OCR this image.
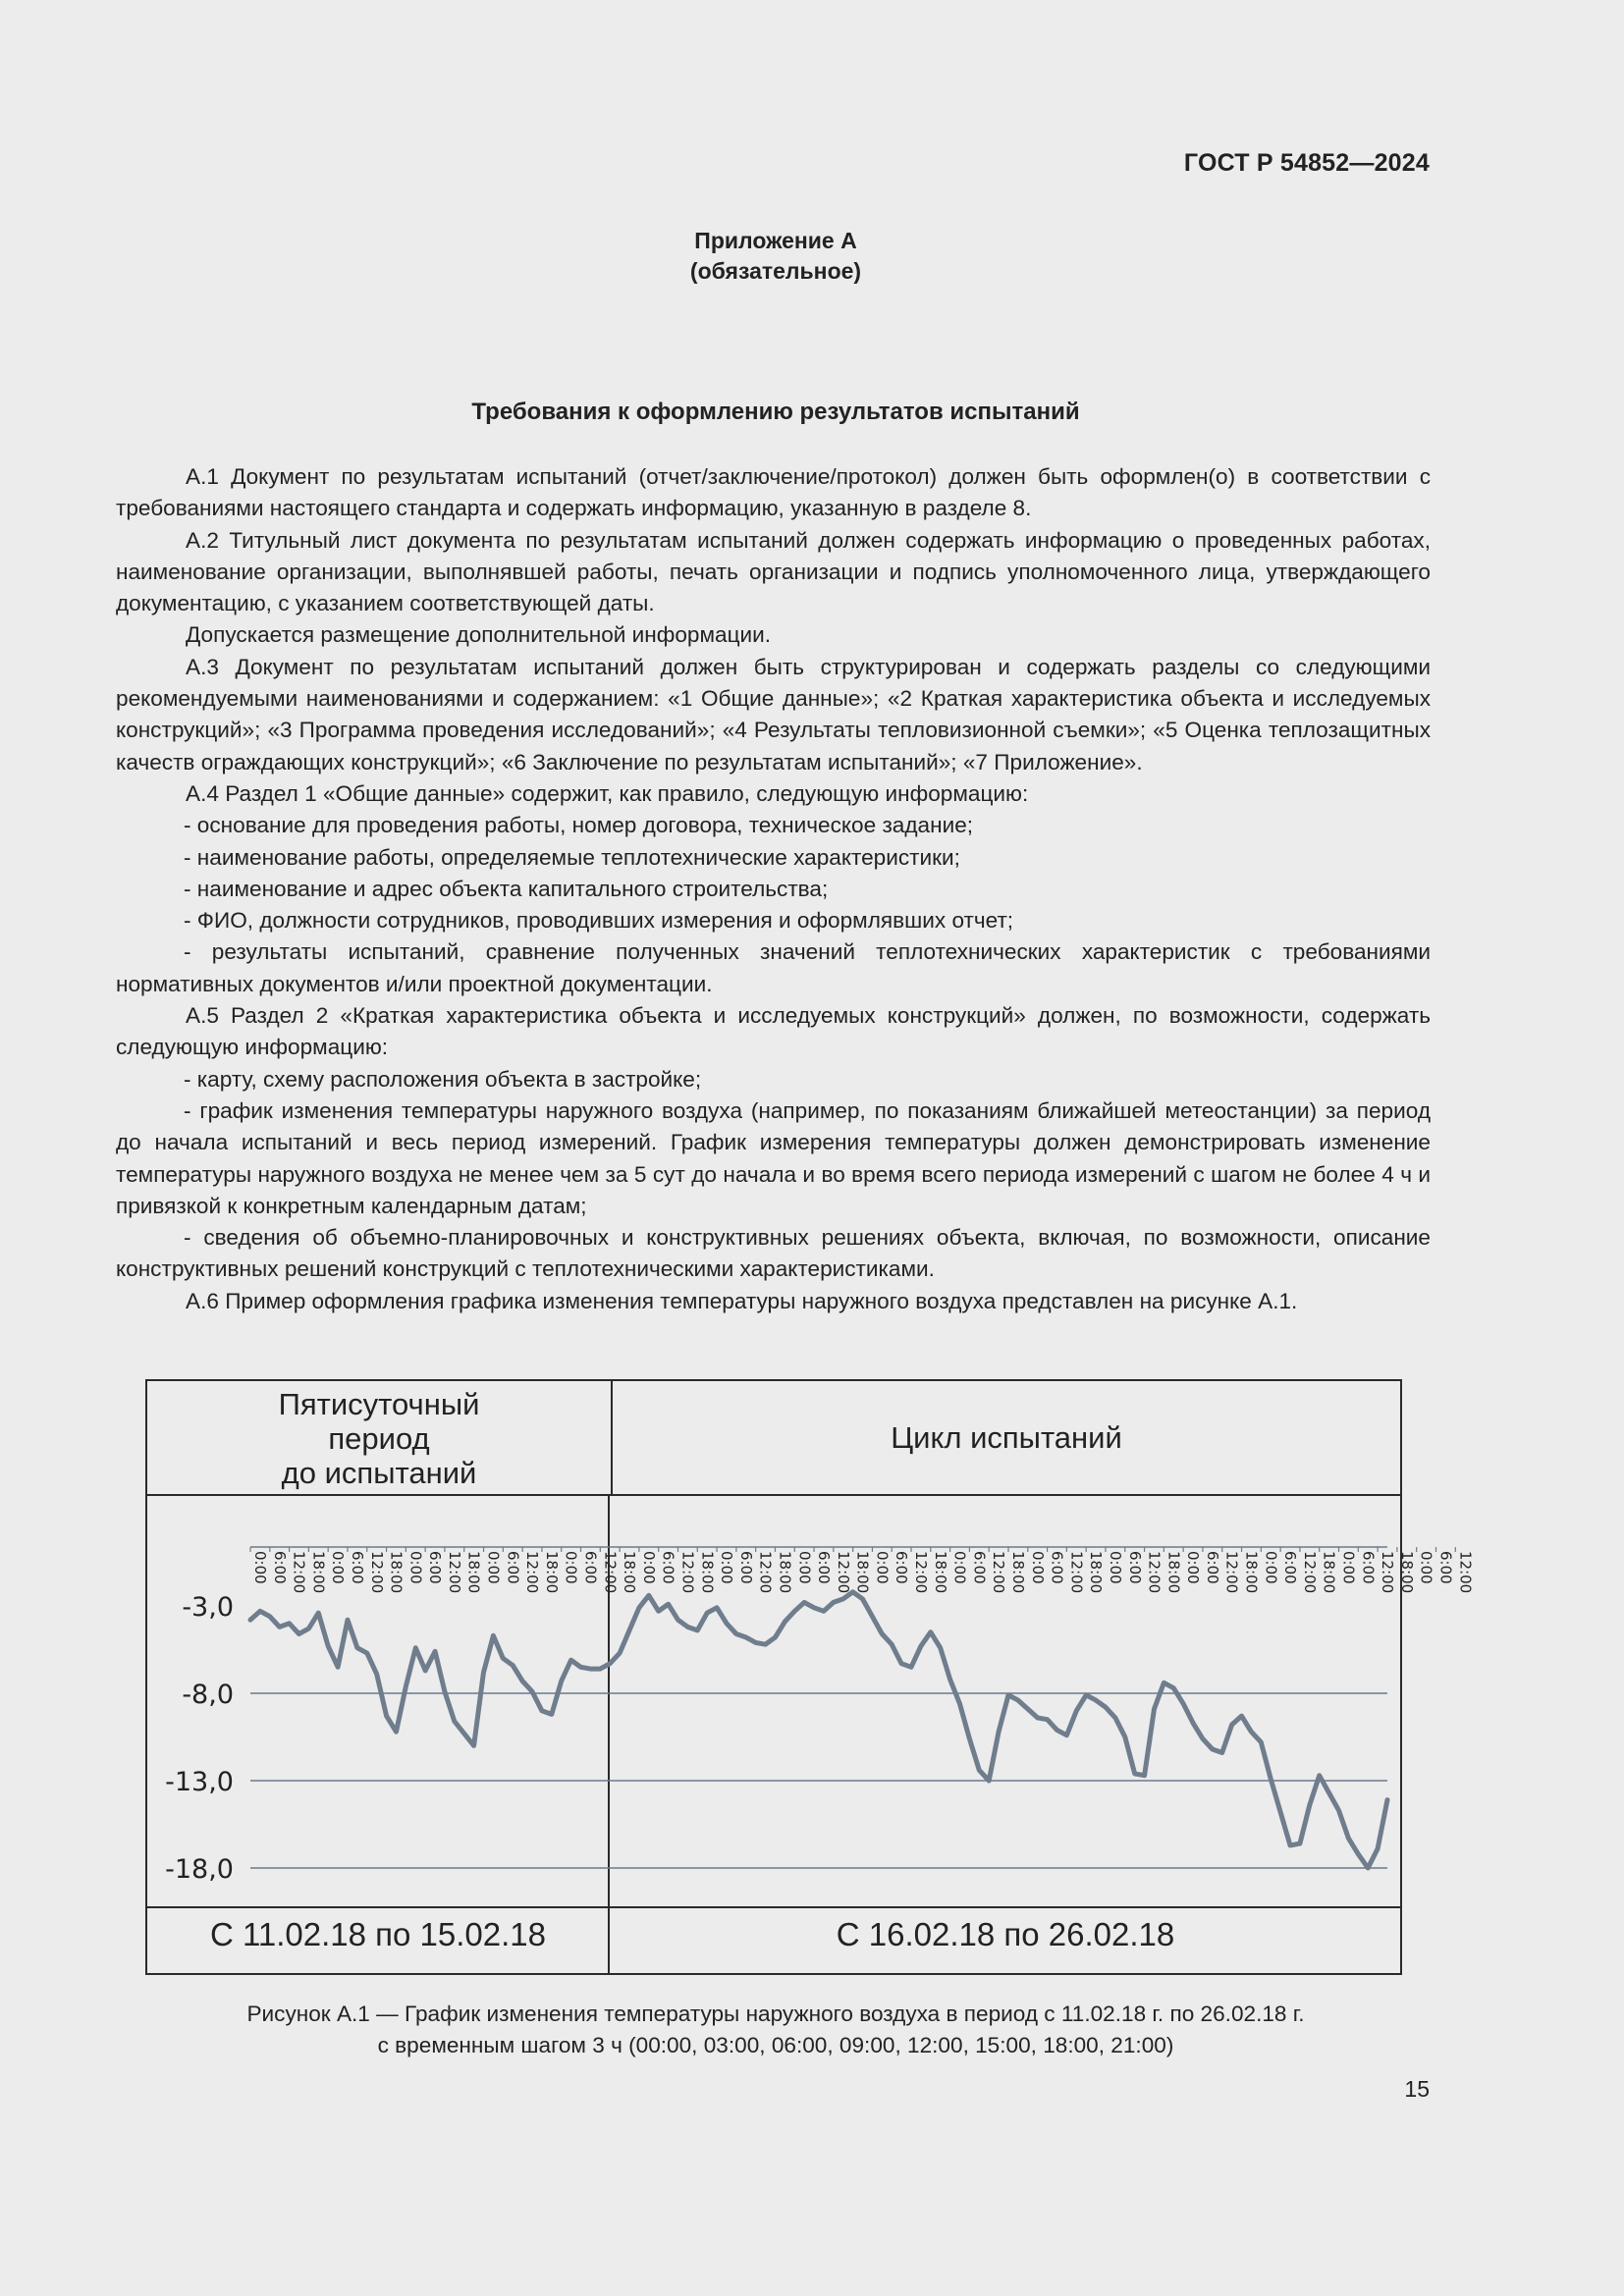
ГОСТ Р 54852—2024
Приложение А
(обязательное)
Требования к оформлению результатов испытаний

А.1 Документ по результатам испытаний (отчет/заключение/протокол) должен быть оформлен(о) в соответствии с требованиями настоящего стандарта и содержать информацию, указанную в разделе 8.

А.2 Титульный лист документа по результатам испытаний должен содержать информацию о проведенных работах, наименование организации, выполнявшей работы, печать организации и подпись уполномоченного лица, утверждающего документацию, с указанием соответствующей даты.

Допускается размещение дополнительной информации.

А.3 Документ по результатам испытаний должен быть структурирован и содержать разделы со следующими рекомендуемыми наименованиями и содержанием: «1 Общие данные»; «2 Краткая характеристика объекта и исследуемых конструкций»; «3 Программа проведения исследований»; «4 Результаты тепловизионной съемки»; «5 Оценка теплозащитных качеств ограждающих конструкций»; «6 Заключение по результатам испытаний»; «7 Приложение».

А.4 Раздел 1 «Общие данные» содержит, как правило, следующую информацию:

- основание для проведения работы, номер договора, техническое задание;

- наименование работы, определяемые теплотехнические характеристики;

- наименование и адрес объекта капитального строительства;

- ФИО, должности сотрудников, проводивших измерения и оформлявших отчет;

- результаты испытаний, сравнение полученных значений теплотехнических характеристик с требованиями нормативных документов и/или проектной документации.

А.5 Раздел 2 «Краткая характеристика объекта и исследуемых конструкций» должен, по возможности, содержать следующую информацию:

- карту, схему расположения объекта в застройке;

- график изменения температуры наружного воздуха (например, по показаниям ближайшей метеостанции) за период до начала испытаний и весь период измерений. График измерения температуры должен демонстрировать изменение температуры наружного воздуха не менее чем за 5 сут до начала и во время всего периода измерений с шагом не более 4 ч и привязкой к конкретным календарным датам;

- сведения об объемно-планировочных и конструктивных решениях объекта, включая, по возможности, описание конструктивных решений конструкций с теплотехническими характеристиками.

А.6 Пример оформления графика изменения температуры наружного воздуха представлен на рисунке А.1.

Пятисуточный
период
до испытаний
Цикл испытаний
С 11.02.18 по 15.02.18	С 16.02.18 по 26.02.18
-3,0
-8,0
-13,0
-18,0
0:00 6:00 12:00 18:00 0:00 6:00 12:00 18:00 0:00 6:00 12:00 18:00 0:00 6:00 12:00 18:00 0:00 6:00 12:00 18:00 0:00 6:00 12:00 18:00 0:00 6:00 12:00 18:00 0:00 6:00 12:00 18:00 0:00 6:00 12:00 18:00 0:00 6:00 12:00 18:00 0:00 6:00 12:00 18:00 0:00 6:00 12:00 18:00 0:00 6:00 12:00 18:00 0:00 6:00 12:00 18:00 0:00 6:00 12:00 18:00 0:00 6:00 12:00
Рисунок А.1 — График изменения температуры наружного воздуха в период с 11.02.18 г. по 26.02.18 г.
с временным шагом 3 ч (00:00, 03:00, 06:00, 09:00, 12:00, 15:00, 18:00, 21:00)
15
